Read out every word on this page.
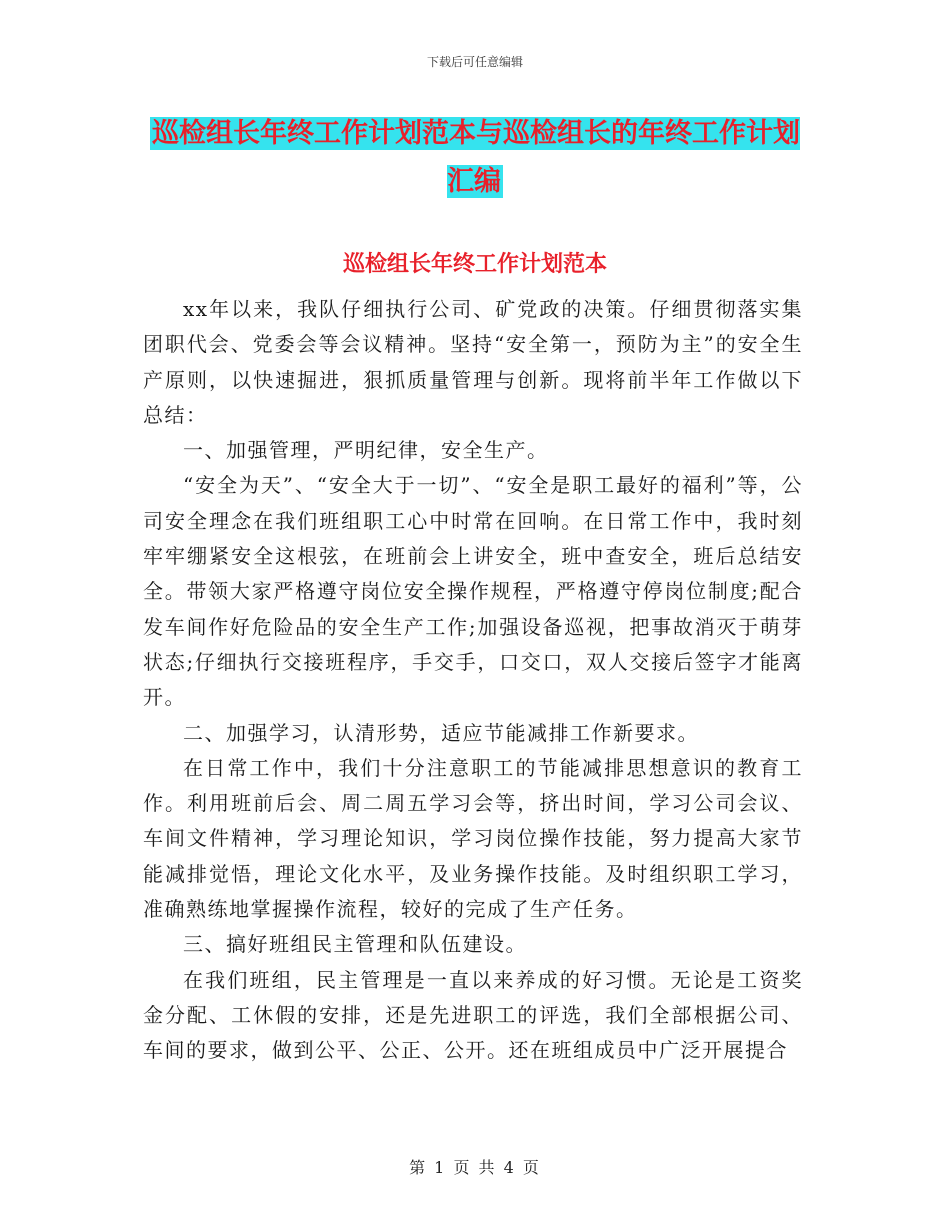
下载后可任意编辑
巡检组长年终工作计划范本与巡检组长的年终工作计划汇编
巡检组长年终工作计划范本

xx年以来，我队仔细执行公司、矿党政的决策。仔细贯彻落实集团职代会、党委会等会议精神。坚持“安全第一，预防为主”的安全生产原则，以快速掘进，狠抓质量管理与创新。现将前半年工作做以下总结：

一、加强管理，严明纪律，安全生产。

“安全为天”、“安全大于一切”、“安全是职工最好的福利”等，公司安全理念在我们班组职工心中时常在回响。在日常工作中，我时刻牢牢绷紧安全这根弦，在班前会上讲安全，班中查安全，班后总结安全。带领大家严格遵守岗位安全操作规程，严格遵守停岗位制度;配合发车间作好危险品的安全生产工作;加强设备巡视，把事故消灭于萌芽状态;仔细执行交接班程序，手交手，口交口，双人交接后签字才能离开。

二、加强学习，认清形势，适应节能减排工作新要求。

在日常工作中，我们十分注意职工的节能减排思想意识的教育工作。利用班前后会、周二周五学习会等，挤出时间，学习公司会议、车间文件精神，学习理论知识，学习岗位操作技能，努力提高大家节能减排觉悟，理论文化水平，及业务操作技能。及时组织职工学习，准确熟练地掌握操作流程，较好的完成了生产任务。

三、搞好班组民主管理和队伍建设。

在我们班组，民主管理是一直以来养成的好习惯。无论是工资奖金分配、工休假的安排，还是先进职工的评选，我们全部根据公司、车间的要求，做到公平、公正、公开。还在班组成员中广泛开展提合

第 1 页 共 4 页
